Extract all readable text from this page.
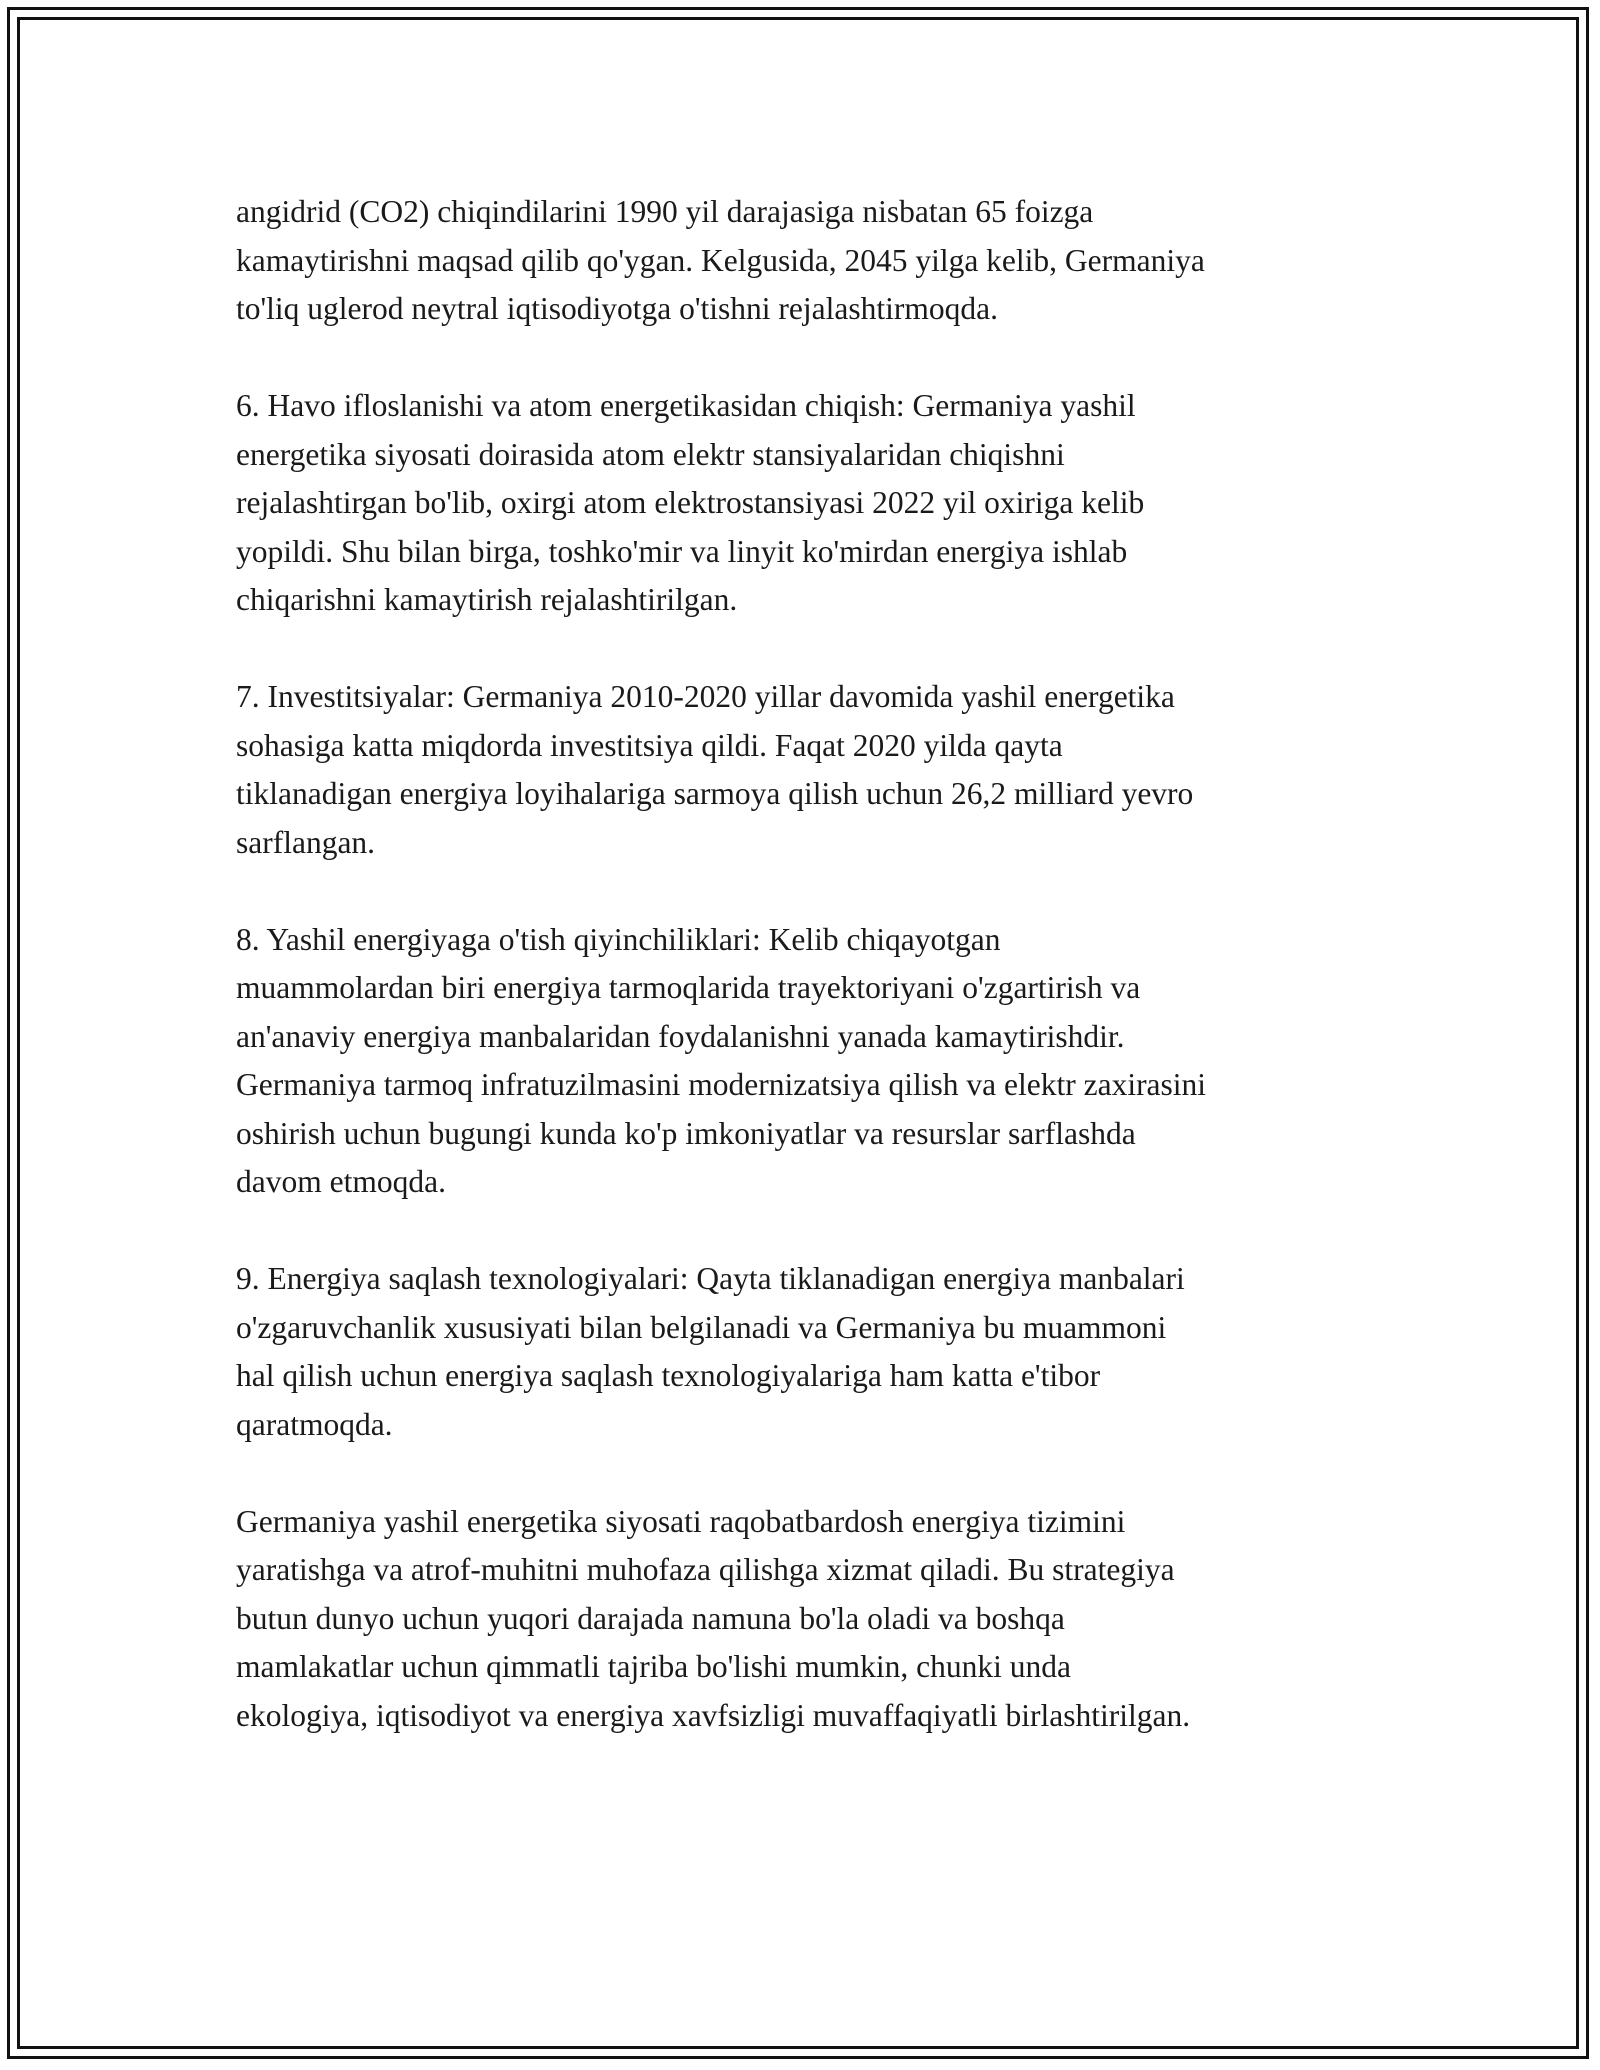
angidrid (CO2) chiqindilarini 1990 yil darajasiga nisbatan 65 foizga
kamaytirishni maqsad qilib qo'ygan. Kelgusida, 2045 yilga kelib, Germaniya
to'liq uglerod neytral iqtisodiyotga o'tishni rejalashtirmoqda.

6. Havo ifloslanishi va atom energetikasidan chiqish: Germaniya yashil
energetika siyosati doirasida atom elektr stansiyalaridan chiqishni
rejalashtirgan bo'lib, oxirgi atom elektrostansiyasi 2022 yil oxiriga kelib
yopildi. Shu bilan birga, toshko'mir va linyit ko'mirdan energiya ishlab
chiqarishni kamaytirish rejalashtirilgan.

7. Investitsiyalar: Germaniya 2010-2020 yillar davomida yashil energetika
sohasiga katta miqdorda investitsiya qildi. Faqat 2020 yilda qayta
tiklanadigan energiya loyihalariga sarmoya qilish uchun 26,2 milliard yevro
sarflangan.

8. Yashil energiyaga o'tish qiyinchiliklari: Kelib chiqayotgan
muammolardan biri energiya tarmoqlarida trayektoriyani o'zgartirish va
an'anaviy energiya manbalaridan foydalanishni yanada kamaytirishdir.
Germaniya tarmoq infratuzilmasini modernizatsiya qilish va elektr zaxirasini
oshirish uchun bugungi kunda ko'p imkoniyatlar va resurslar sarflashda
davom etmoqda.

9. Energiya saqlash texnologiyalari: Qayta tiklanadigan energiya manbalari
o'zgaruvchanlik xususiyati bilan belgilanadi va Germaniya bu muammoni
hal qilish uchun energiya saqlash texnologiyalariga ham katta e'tibor
qaratmoqda.

Germaniya yashil energetika siyosati raqobatbardosh energiya tizimini
yaratishga va atrof-muhitni muhofaza qilishga xizmat qiladi. Bu strategiya
butun dunyo uchun yuqori darajada namuna bo'la oladi va boshqa
mamlakatlar uchun qimmatli tajriba bo'lishi mumkin, chunki unda
ekologiya, iqtisodiyot va energiya xavfsizligi muvaffaqiyatli birlashtirilgan.
